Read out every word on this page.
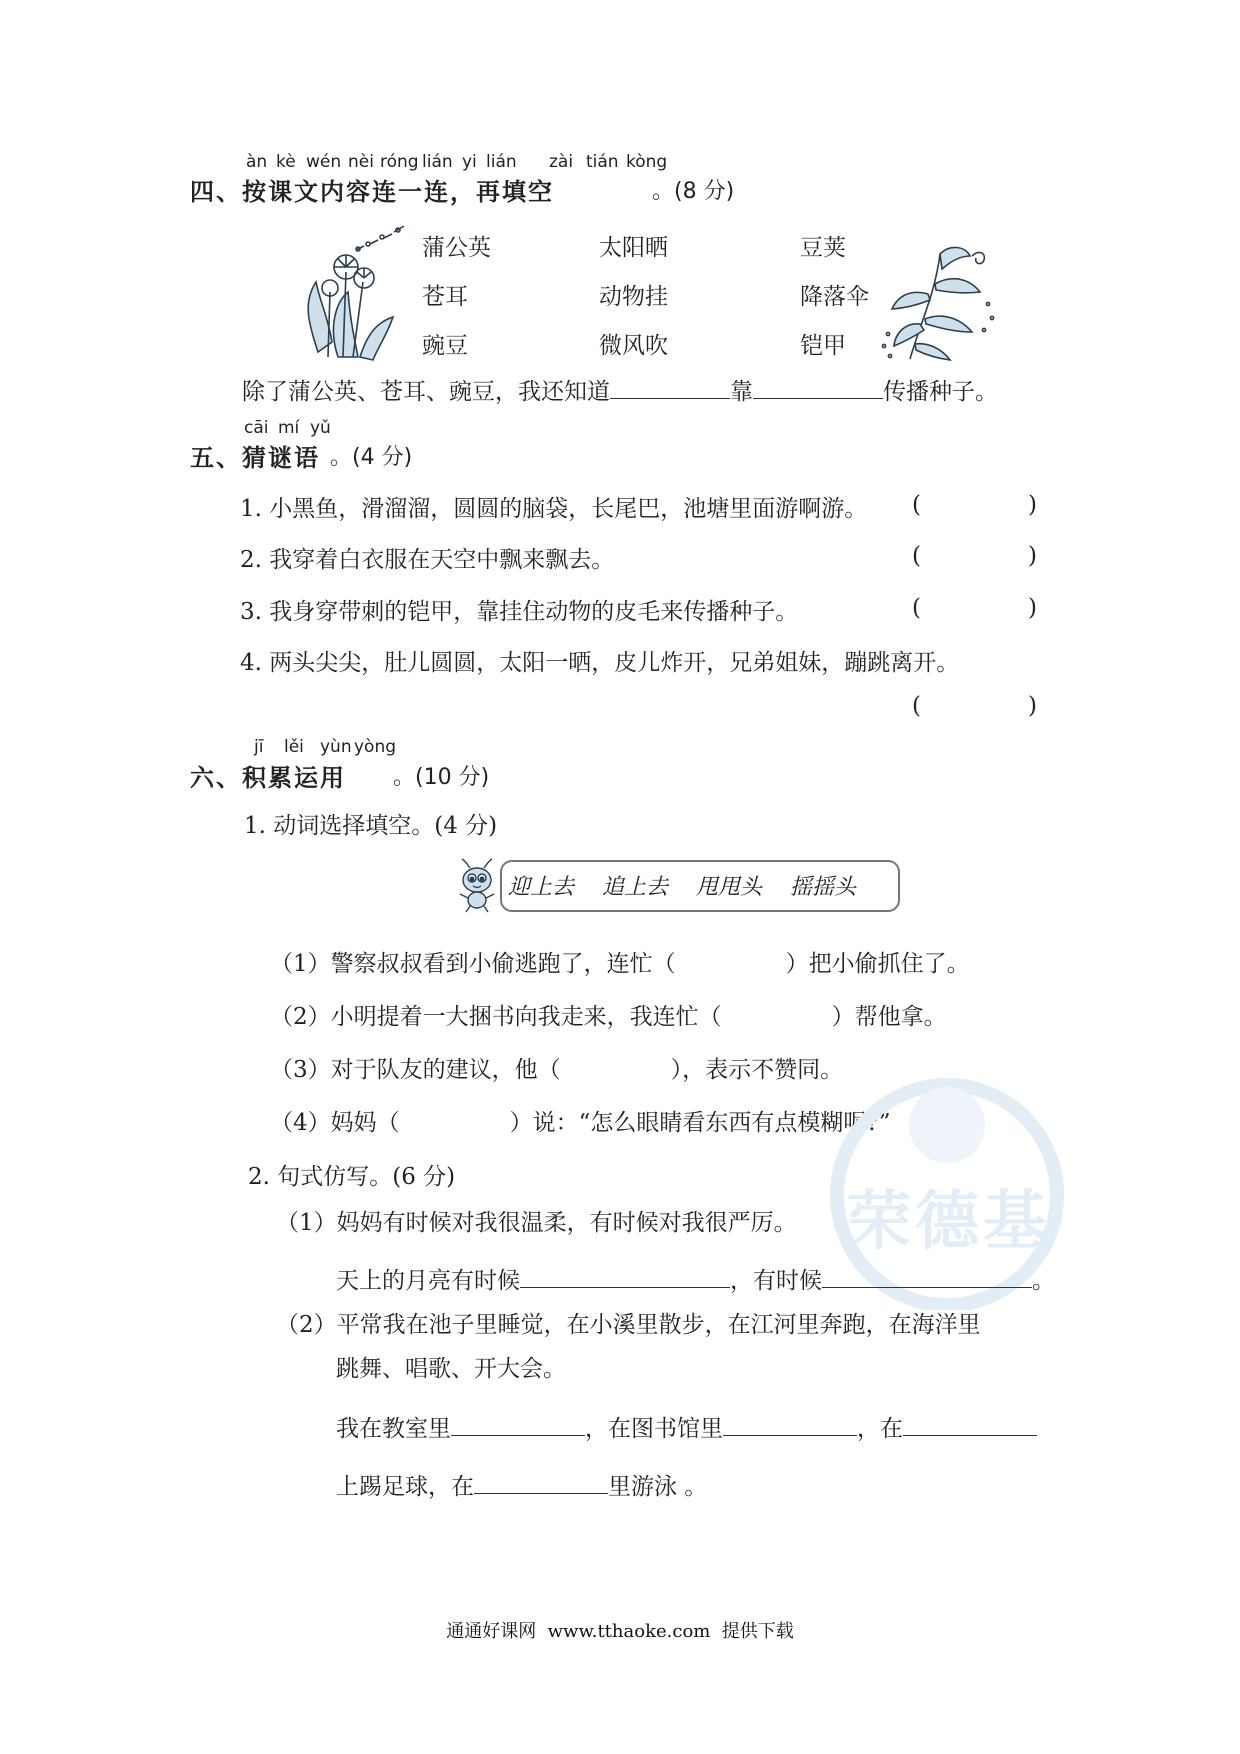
àn kè wén nèi róng lián yi lián zài tián kòng
四、按课文内容连一连，再填空	。(8 分)
蒲公英
苍耳
豌豆
太阳晒
动物挂
微风吹
豆荚
降落伞
铠甲
除了蒲公英、苍耳、豌豆，我还知道	靠	传播种子。
cāi mí yǔ
五、猜谜语 。(4 分)
1. 小黑鱼，滑溜溜，圆圆的脑袋，长尾巴，池塘里面游啊游。 (	)
2. 我穿着白衣服在天空中飘来飘去。	(	)
3. 我身穿带刺的铠甲，靠挂住动物的皮毛来传播种子。	(	)
4. 两头尖尖，肚儿圆圆，太阳一晒，皮儿炸开，兄弟姐妹，蹦跳离开。
(	)
jī lěi yùn yòng
六、积累运用 。(10 分)
1. 动词选择填空。(4 分)
迎上去 追上去 甩甩头 摇摇头
（1）警察叔叔看到小偷逃跑了，连忙（	）把小偷抓住了。
（2）小明提着一大捆书向我走来，我连忙（	）帮他拿。
（3）对于队友的建议，他（	），表示不赞同。
（4）妈妈（	）说：“怎么眼睛看东西有点模糊呢?”
荣德基
2. 句式仿写。(6 分)
（1）妈妈有时候对我很温柔，有时候对我很严厉。
天上的月亮有时候	，有时候	。
（2）平常我在池子里睡觉，在小溪里散步，在江河里奔跑，在海洋里
跳舞、唱歌、开大会。
我在教室里	，在图书馆里	，在
上踢足球，在	里游泳 。
通通好课网  www.tthaoke.com  提供下载
